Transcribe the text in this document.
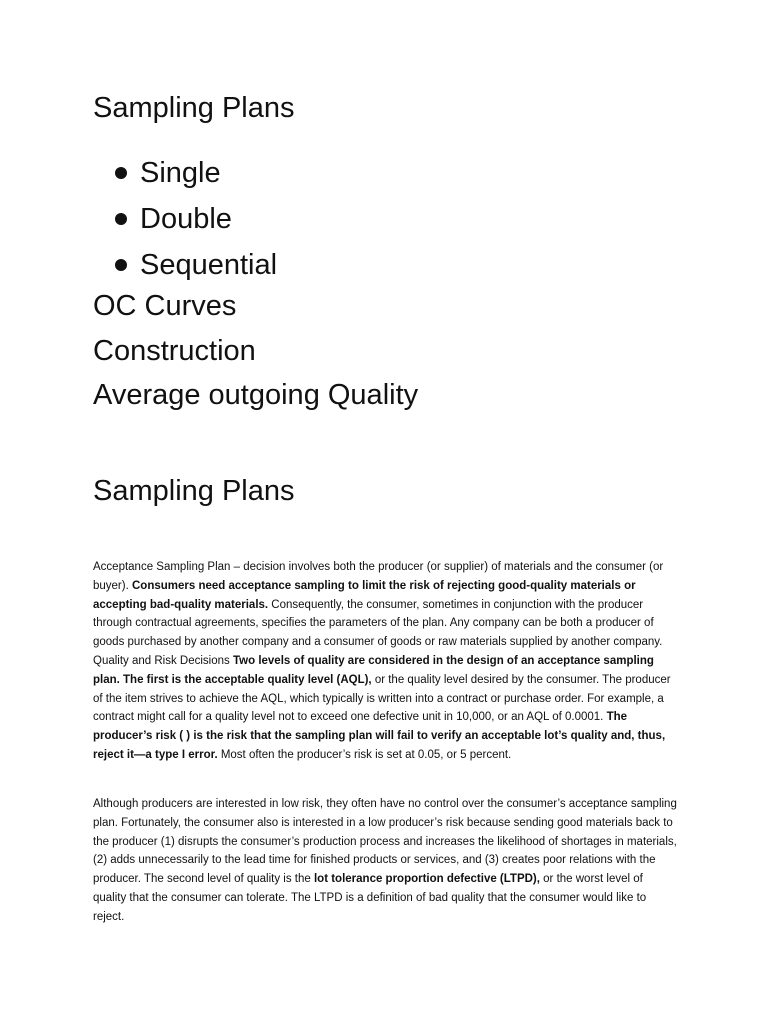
Sampling Plans
Single
Double
Sequential
OC Curves
Construction
Average outgoing Quality
Sampling Plans

Acceptance Sampling Plan – decision involves both the producer (or supplier) of materials and the consumer (or buyer). Consumers need acceptance sampling to limit the risk of rejecting good-quality materials or accepting bad-quality materials. Consequently, the consumer, sometimes in conjunction with the producer through contractual agreements, specifies the parameters of the plan. Any company can be both a producer of goods purchased by another company and a consumer of goods or raw materials supplied by another company. Quality and Risk Decisions Two levels of quality are considered in the design of an acceptance sampling plan. The first is the acceptable quality level (AQL), or the quality level desired by the consumer. The producer of the item strives to achieve the AQL, which typically is written into a contract or purchase order. For example, a contract might call for a quality level not to exceed one defective unit in 10,000, or an AQL of 0.0001. The producer’s risk ( ) is the risk that the sampling plan will fail to verify an acceptable lot’s quality and, thus, reject it—a type I error. Most often the producer’s risk is set at 0.05, or 5 percent.

Although producers are interested in low risk, they often have no control over the consumer’s acceptance sampling plan. Fortunately, the consumer also is interested in a low producer’s risk because sending good materials back to the producer (1) disrupts the consumer’s production process and increases the likelihood of shortages in materials, (2) adds unnecessarily to the lead time for finished products or services, and (3) creates poor relations with the producer. The second level of quality is the lot tolerance proportion defective (LTPD), or the worst level of quality that the consumer can tolerate. The LTPD is a definition of bad quality that the consumer would like to reject.
